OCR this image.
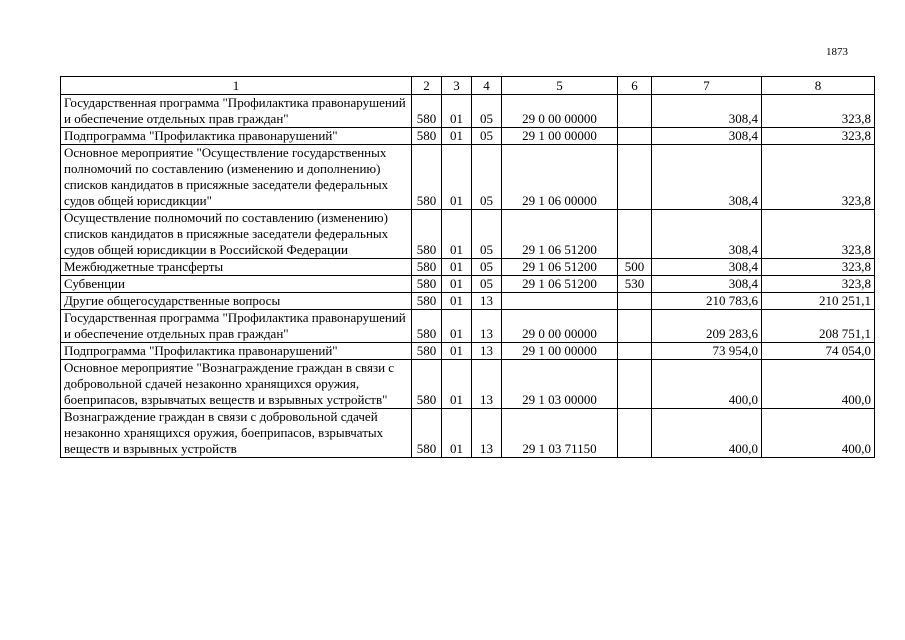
1873
1	2	3	4	5	6	7	8
Государственная программа "Профилактика правонарушений и обеспечение отдельных прав граждан"	580	01	05	29 0 00 00000		308,4	323,8
Подпрограмма "Профилактика правонарушений"	580	01	05	29 1 00 00000		308,4	323,8
Основное мероприятие "Осуществление государственных полномочий по составлению (изменению и дополнению) списков кандидатов в присяжные заседатели федеральных судов общей юрисдикции"	580	01	05	29 1 06 00000		308,4	323,8
Осуществление полномочий по составлению (изменению) списков кандидатов в присяжные заседатели федеральных судов общей юрисдикции в Российской Федерации	580	01	05	29 1 06 51200		308,4	323,8
Межбюджетные трансферты	580	01	05	29 1 06 51200	500	308,4	323,8
Субвенции	580	01	05	29 1 06 51200	530	308,4	323,8
Другие общегосударственные вопросы	580	01	13			210 783,6	210 251,1
Государственная программа "Профилактика правонарушений и обеспечение отдельных прав граждан"	580	01	13	29 0 00 00000		209 283,6	208 751,1
Подпрограмма "Профилактика правонарушений"	580	01	13	29 1 00 00000		73 954,0	74 054,0
Основное мероприятие "Вознаграждение граждан в связи с добровольной сдачей незаконно хранящихся оружия, боеприпасов, взрывчатых веществ и взрывных устройств"	580	01	13	29 1 03 00000		400,0	400,0
Вознаграждение граждан в связи с добровольной сдачей незаконно хранящихся оружия, боеприпасов, взрывчатых веществ и взрывных устройств	580	01	13	29 1 03 71150		400,0	400,0
